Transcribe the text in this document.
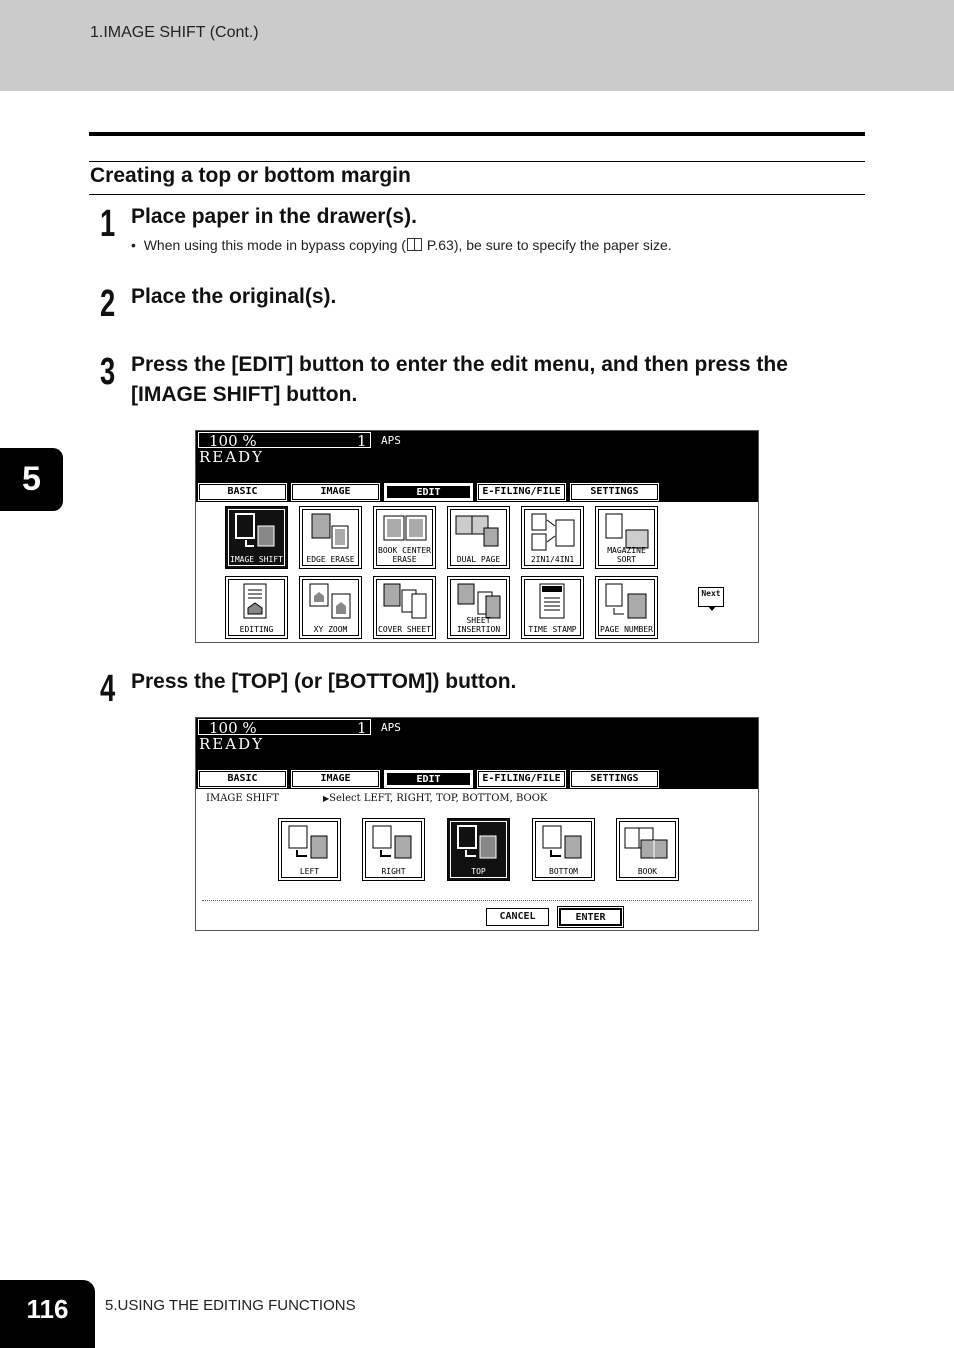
1.IMAGE SHIFT (Cont.)
Creating a top or bottom margin
1 Place paper in the drawer(s).
•  When using this mode in bypass copying ( P.63), be sure to specify the paper size.
2 Place the original(s).
3 Press the [EDIT] button to enter the edit menu, and then press the [IMAGE SHIFT] button.
100 %	1 APS
READY
BASIC	IMAGE	EDIT	E-FILING/FILE	SETTINGS
IMAGE SHIFT	EDGE ERASE
BOOK CENTER
ERASE	DUAL PAGE	2IN1/4IN1
MAGAZINE SORT
EDITING	XY ZOOM	COVER SHEET
SHEET
INSERTION	TIME STAMP	PAGE NUMBER
Next
4 Press the [TOP] (or [BOTTOM]) button.
100 %	1 APS
READY
BASIC	IMAGE	EDIT	E-FILING/FILE	SETTINGS
IMAGE SHIFT
▶	Select LEFT, RIGHT, TOP, BOTTOM, BOOK
LEFT	RIGHT	TOP	BOTTOM	BOOK
CANCEL	ENTER
5
116	5.USING THE EDITING FUNCTIONS
